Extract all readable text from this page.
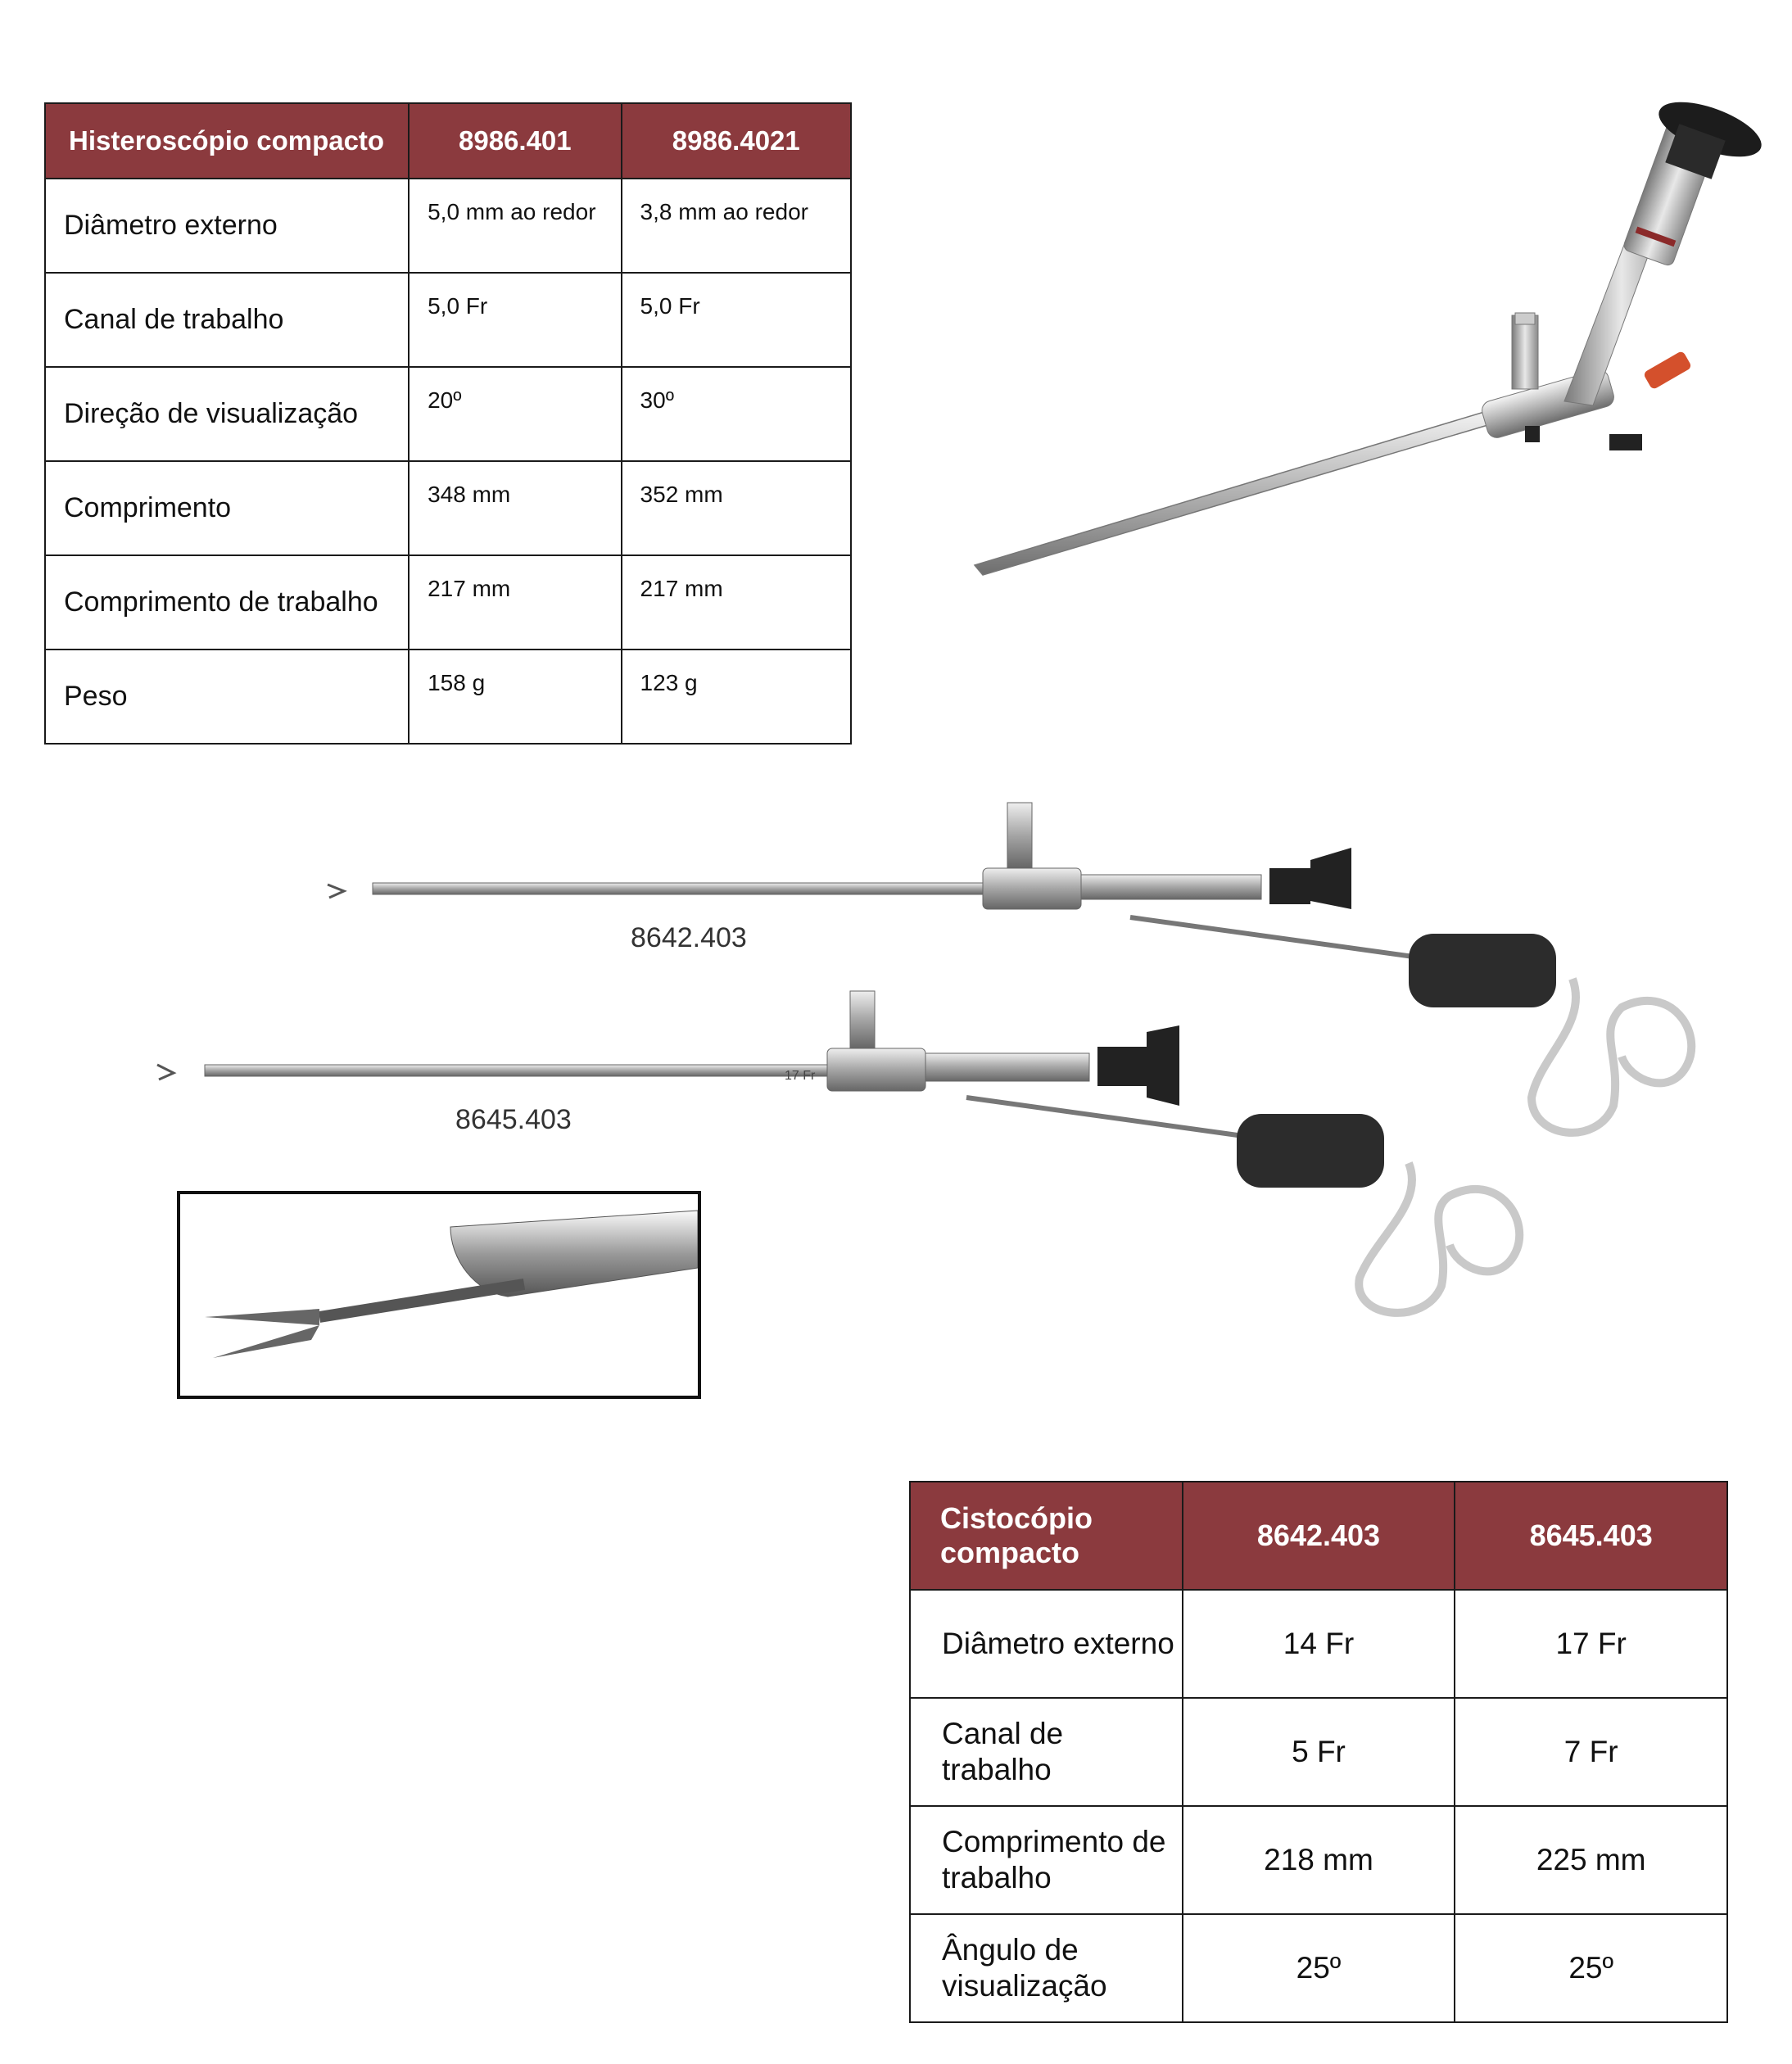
Histeroscópio compacto	8986.401	8986.4021
Diâmetro externo	5,0 mm ao redor	3,8 mm ao redor
Canal de trabalho	5,0 Fr	5,0 Fr
Direção de visualização	20º	30º
Comprimento	348 mm	352 mm
Comprimento de trabalho	217 mm	217 mm
Peso	158 g	123 g
17 Fr
8642.403
8645.403
Cistocópio compacto	8642.403	8645.403
Diâmetro externo	14 Fr	17 Fr
Canal de trabalho	5 Fr	7 Fr
Comprimento de trabalho	218 mm	225 mm
Ângulo de visualização	25º	25º
